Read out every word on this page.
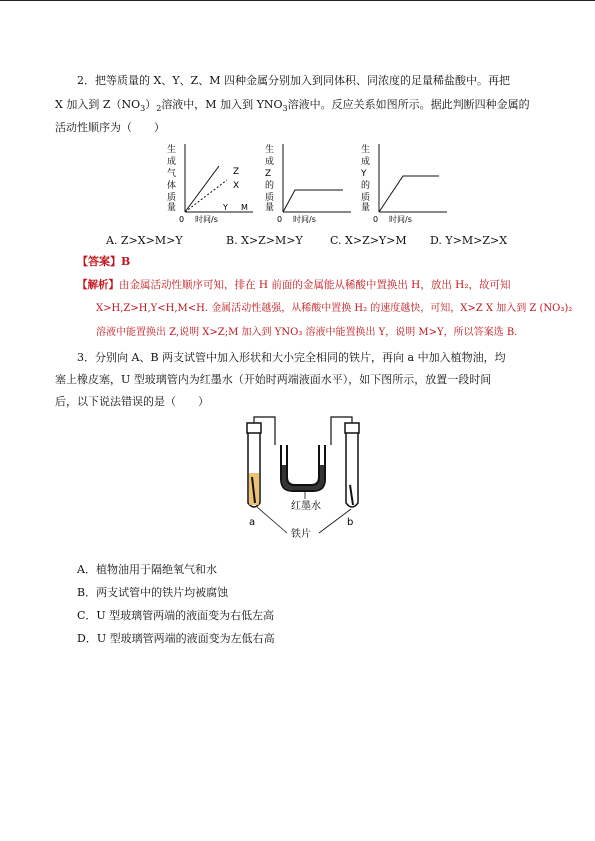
2．把等质量的 X、Y、Z、M 四种金属分别加入到同体积、同浓度的足量稀盐酸中。再把
X 加入到 $Z(NO_3)_2$溶液中，M 加入到 $YNO_3$溶液中。反应关系如图所示。据此判断四种金属的
活动性顺序为（　　）
生
成
气
体
质
量
Z
X
Y M
0 时间/s
生
成
Z
的
质
量
0 时间/s
生
成
Y
的
质
量
0 时间/s
A. Z>X>M>Y	B. X>Z>M>Y C. X>Z>Y>M D. Y>M>Z>X
【答案】B
【解析】由金属活动性顺序可知，排在 H 前面的金属能从稀酸中置换出 H，放出 H₂，故可知
X>H,Z>H,Y<H,M<H. 金属活动性越强，从稀酸中置换 H₂ 的速度越快，可知，X>Z X 加入到 Z (NO₃)₂
溶液中能置换出 Z,说明 X>Z;M 加入到 YNO₃ 溶液中能置换出 Y，说明 M>Y，所以答案选 B.
3．分别向 A、B 两支试管中加入形状和大小完全相同的铁片，再向 a 中加入植物油，均
塞上橡皮塞，U 型玻璃管内为红墨水（开始时两端液面水平），如下图所示，放置一段时间
后，以下说法错误的是（　　）
a	b
红墨水
铁片
A．植物油用于隔绝氧气和水
B．两支试管中的铁片均被腐蚀
C．U 型玻璃管两端的液面变为右低左高
D．U 型玻璃管两端的液面变为左低右高
